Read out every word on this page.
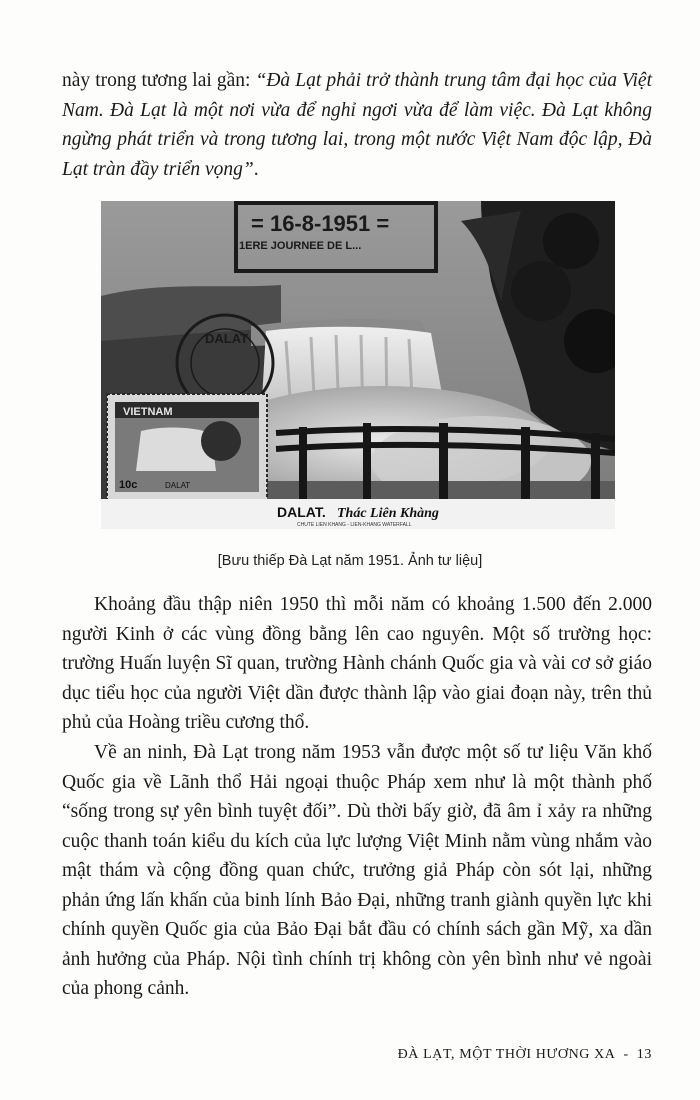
này trong tương lai gần: “Đà Lạt phải trở thành trung tâm đại học của Việt Nam. Đà Lạt là một nơi vừa để nghỉ ngơi vừa để làm việc. Đà Lạt không ngừng phát triển và trong tương lai, trong một nước Việt Nam độc lập, Đà Lạt tràn đầy triển vọng”.

= 16-8-1951 =
1ERE JOURNEE DE L...
DALAT
VIETNAM
10c	DALAT
DALAT. Thác Liên Khàng
CHUTE LIEN KHANG - LIEN-KHANG WATERFALL
[Bưu thiếp Đà Lạt năm 1951. Ảnh tư liệu]

Khoảng đầu thập niên 1950 thì mỗi năm có khoảng 1.500 đến 2.000 người Kinh ở các vùng đồng bằng lên cao nguyên. Một số trường học: trường Huấn luyện Sĩ quan, trường Hành chánh Quốc gia và vài cơ sở giáo dục tiểu học của người Việt dần được thành lập vào giai đoạn này, trên thủ phủ của Hoàng triều cương thổ.

Về an ninh, Đà Lạt trong năm 1953 vẫn được một số tư liệu Văn khố Quốc gia về Lãnh thổ Hải ngoại thuộc Pháp xem như là một thành phố “sống trong sự yên bình tuyệt đối”. Dù thời bấy giờ, đã âm ỉ xảy ra những cuộc thanh toán kiểu du kích của lực lượng Việt Minh nằm vùng nhắm vào mật thám và cộng đồng quan chức, trưởng giả Pháp còn sót lại, những phản ứng lấn khấn của binh lính Bảo Đại, những tranh giành quyền lực khi chính quyền Quốc gia của Bảo Đại bắt đầu có chính sách gần Mỹ, xa dần ảnh hưởng của Pháp. Nội tình chính trị không còn yên bình như vẻ ngoài của phong cảnh.

ĐÀ LẠT, MỘT THỜI HƯƠNG XA - 13
